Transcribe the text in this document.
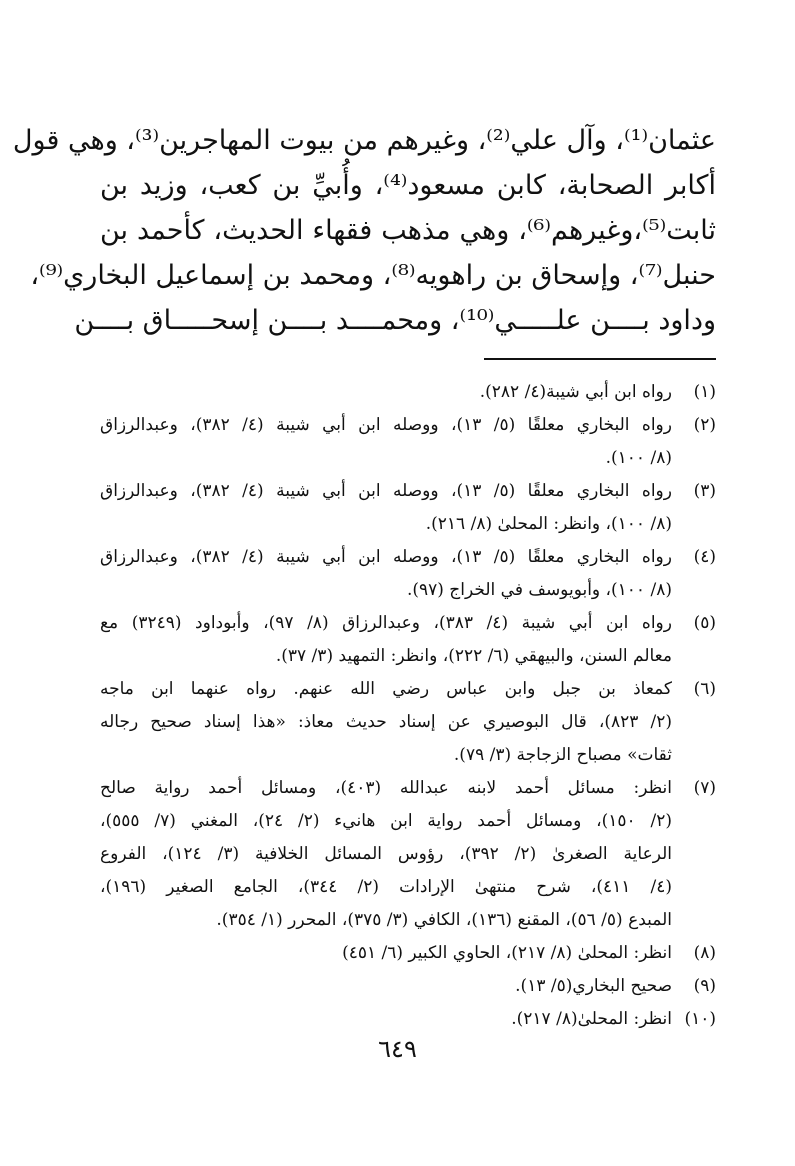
عثمان⁽¹⁾، وآل علي⁽²⁾، وغيرهم من بيوت المهاجرين⁽³⁾، وهي قول
أكابر الصحابة، كابن مسعود⁽⁴⁾، وأُبيِّ بن كعب، وزيد بن
ثابت⁽⁵⁾،وغيرهم⁽⁶⁾، وهي مذهب فقهاء الحديث، كأحمد بن
حنبل⁽⁷⁾، وإسحاق بن راهويه⁽⁸⁾، ومحمد بن إسماعيل البخاري⁽⁹⁾،
وداود بــــن علـــــي⁽¹⁰⁾، ومحمــــد بــــن إسحـــــاق بــــن
(١)
رواه ابن أبي شيبة(٤/ ٢٨٢).
(٢)
رواه البخاري معلقًا (٥/ ١٣)، ووصله ابن أبي شيبة (٤/ ٣٨٢)، وعبدالرزاق
(٨/ ١٠٠).
(٣)
رواه البخاري معلقًا (٥/ ١٣)، ووصله ابن أبي شيبة (٤/ ٣٨٢)، وعبدالرزاق
(٨/ ١٠٠)، وانظر: المحلىٰ (٨/ ٢١٦).
(٤)
رواه البخاري معلقًا (٥/ ١٣)، ووصله ابن أبي شيبة (٤/ ٣٨٢)، وعبدالرزاق
(٨/ ١٠٠)، وأبويوسف في الخراج (٩٧).
(٥)
رواه ابن أبي شيبة (٤/ ٣٨٣)، وعبدالرزاق (٨/ ٩٧)، وأبوداود (٣٢٤٩) مع
معالم السنن، والبيهقي (٦/ ٢٢٢)، وانظر: التمهيد (٣/ ٣٧).
(٦)
كمعاذ بن جبل وابن عباس رضي الله عنهم. رواه عنهما ابن ماجه
(٢/ ٨٢٣)، قال البوصيري عن إسناد حديث معاذ: «هذا إسناد صحيح رجاله
ثقات» مصباح الزجاجة (٣/ ٧٩).
(٧)
انظر: مسائل أحمد لابنه عبدالله (٤٠٣)، ومسائل أحمد رواية صالح
(٢/ ١٥٠)، ومسائل أحمد رواية ابن هانيء (٢/ ٢٤)، المغني (٧/ ٥٥٥)،
الرعاية الصغرىٰ (٢/ ٣٩٢)، رؤوس المسائل الخلافية (٣/ ١٢٤)، الفروع
(٤/ ٤١١)، شرح منتهىٰ الإرادات (٢/ ٣٤٤)، الجامع الصغير (١٩٦)،
المبدع (٥/ ٥٦)، المقنع (١٣٦)، الكافي (٣/ ٣٧٥)، المحرر (١/ ٣٥٤).
(٨)
انظر: المحلىٰ (٨/ ٢١٧)، الحاوي الكبير (٦/ ٤٥١)
(٩)
صحيح البخاري(٥/ ١٣).
(١٠)
انظر: المحلىٰ(٨/ ٢١٧).
٦٤٩
